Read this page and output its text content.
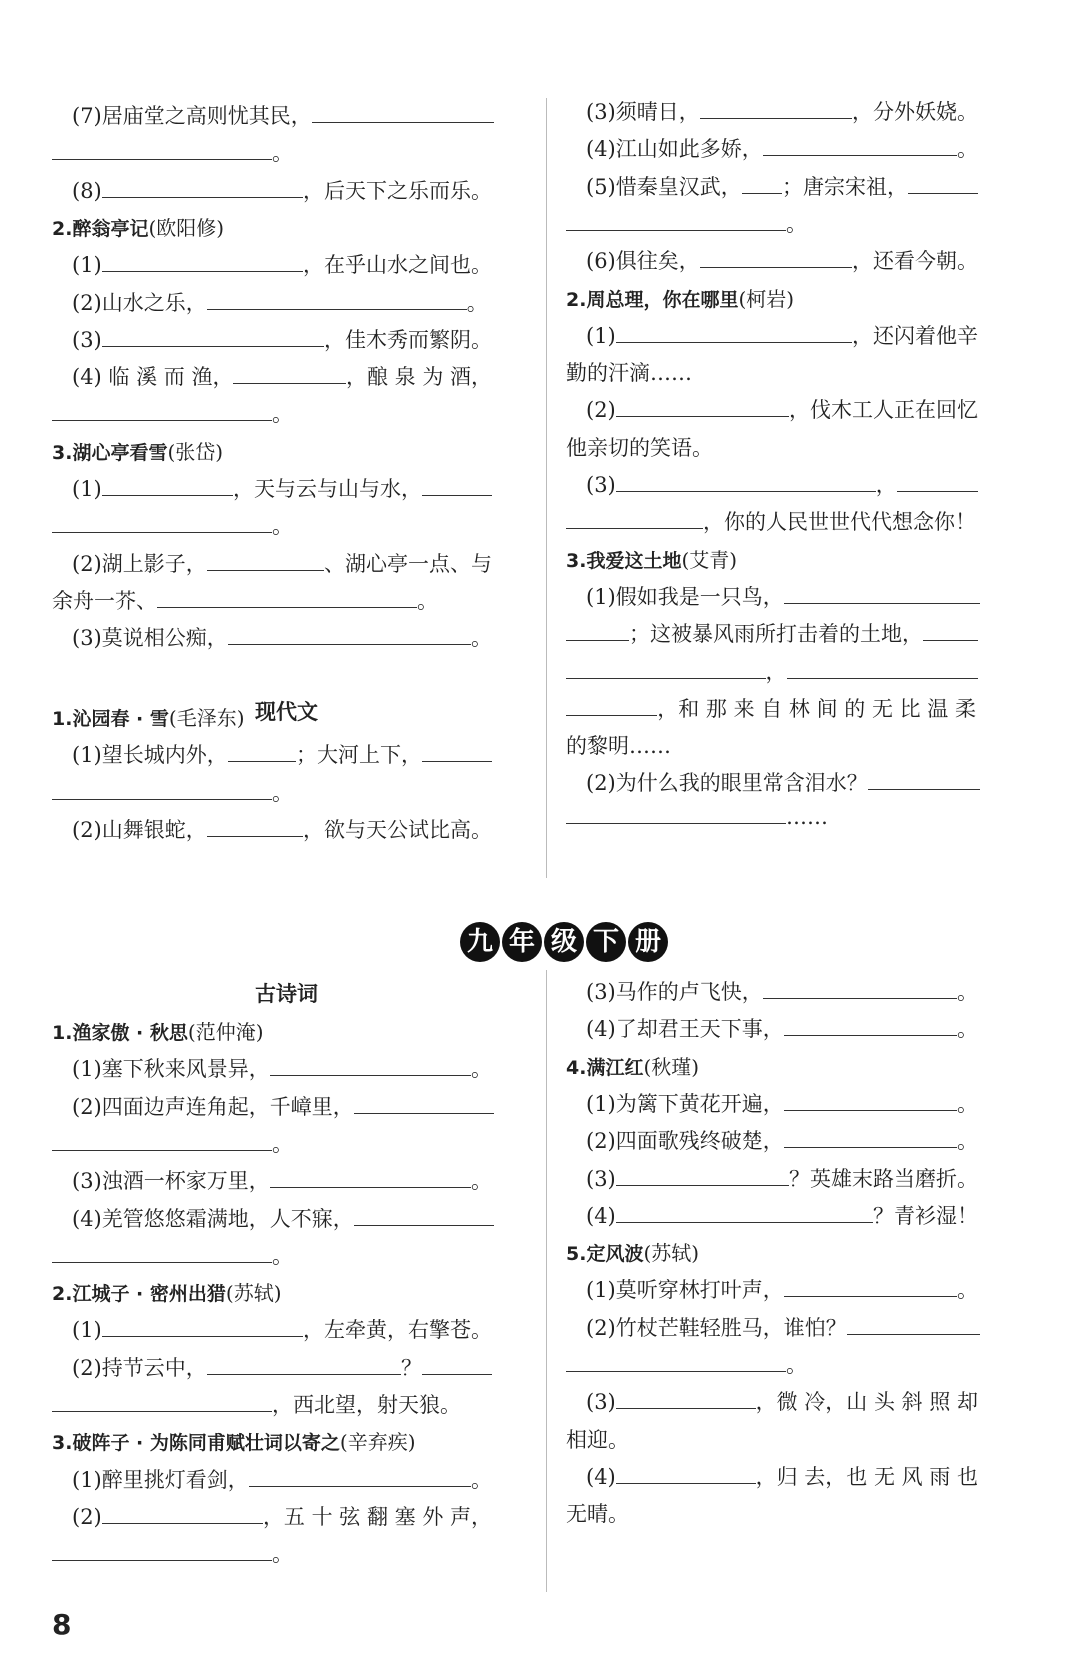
(7)居庙堂之高则忧其民，
。
(8)	，后天下之乐而乐。
2.醉翁亭记(欧阳修)
(1)	，在乎山水之间也。
(2)山水之乐，	。
(3)	，佳木秀而繁阴。
(4) 临 溪 而 渔，	，酿 泉 为 酒，
。
3.湖心亭看雪(张岱)
(1)	，天与云与山与水，
。
(2)湖上影子，	、湖心亭一点、与
余舟一芥、	。
(3)莫说相公痴，	。
1.沁园春 · 雪(毛泽东)
(1)望长城内外，	；大河上下，
。
(2)山舞银蛇，	，欲与天公试比高。
(3)须晴日，	，分外妖娆。
(4)江山如此多娇，	。
(5)惜秦皇汉武， ；唐宗宋祖，
。
(6)俱往矣，	，还看今朝。
2.周总理，你在哪里(柯岩)
(1)	，还闪着他辛
勤的汗滴……
(2)	，伐木工人正在回忆
他亲切的笑语。
(3)	，
，你的人民世世代代想念你！
3.我爱这土地(艾青)
(1)假如我是一只鸟，
；这被暴风雨所打击着的土地，
，
，和 那 来 自 林 间 的 无 比 温 柔
的黎明……
(2)为什么我的眼里常含泪水？
……
九 年 级 下 册
古诗词
现代文
1.渔家傲 · 秋思(范仲淹)
(1)塞下秋来风景异，	。
(2)四面边声连角起，千嶂里，
。
(3)浊酒一杯家万里，	。
(4)羌管悠悠霜满地，人不寐，
。
2.江城子 · 密州出猎(苏轼)
(1)	，左牵黄，右擎苍。
(2)持节云中，	？
，西北望，射天狼。
3.破阵子 · 为陈同甫赋壮词以寄之(辛弃疾)
(1)醉里挑灯看剑，	。
(2)	，五 十 弦 翻 塞 外 声，
。
(3)马作的卢飞快，	。
(4)了却君王天下事，	。
4.满江红(秋瑾)
(1)为篱下黄花开遍，	。
(2)四面歌残终破楚，	。
(3)	？英雄末路当磨折。
(4)	？青衫湿！
5.定风波(苏轼)
(1)莫听穿林打叶声，	。
(2)竹杖芒鞋轻胜马，谁怕？
。
(3)	，微 冷，山 头 斜 照 却
相迎。
(4)	，归 去，也 无 风 雨 也
无晴。
8
